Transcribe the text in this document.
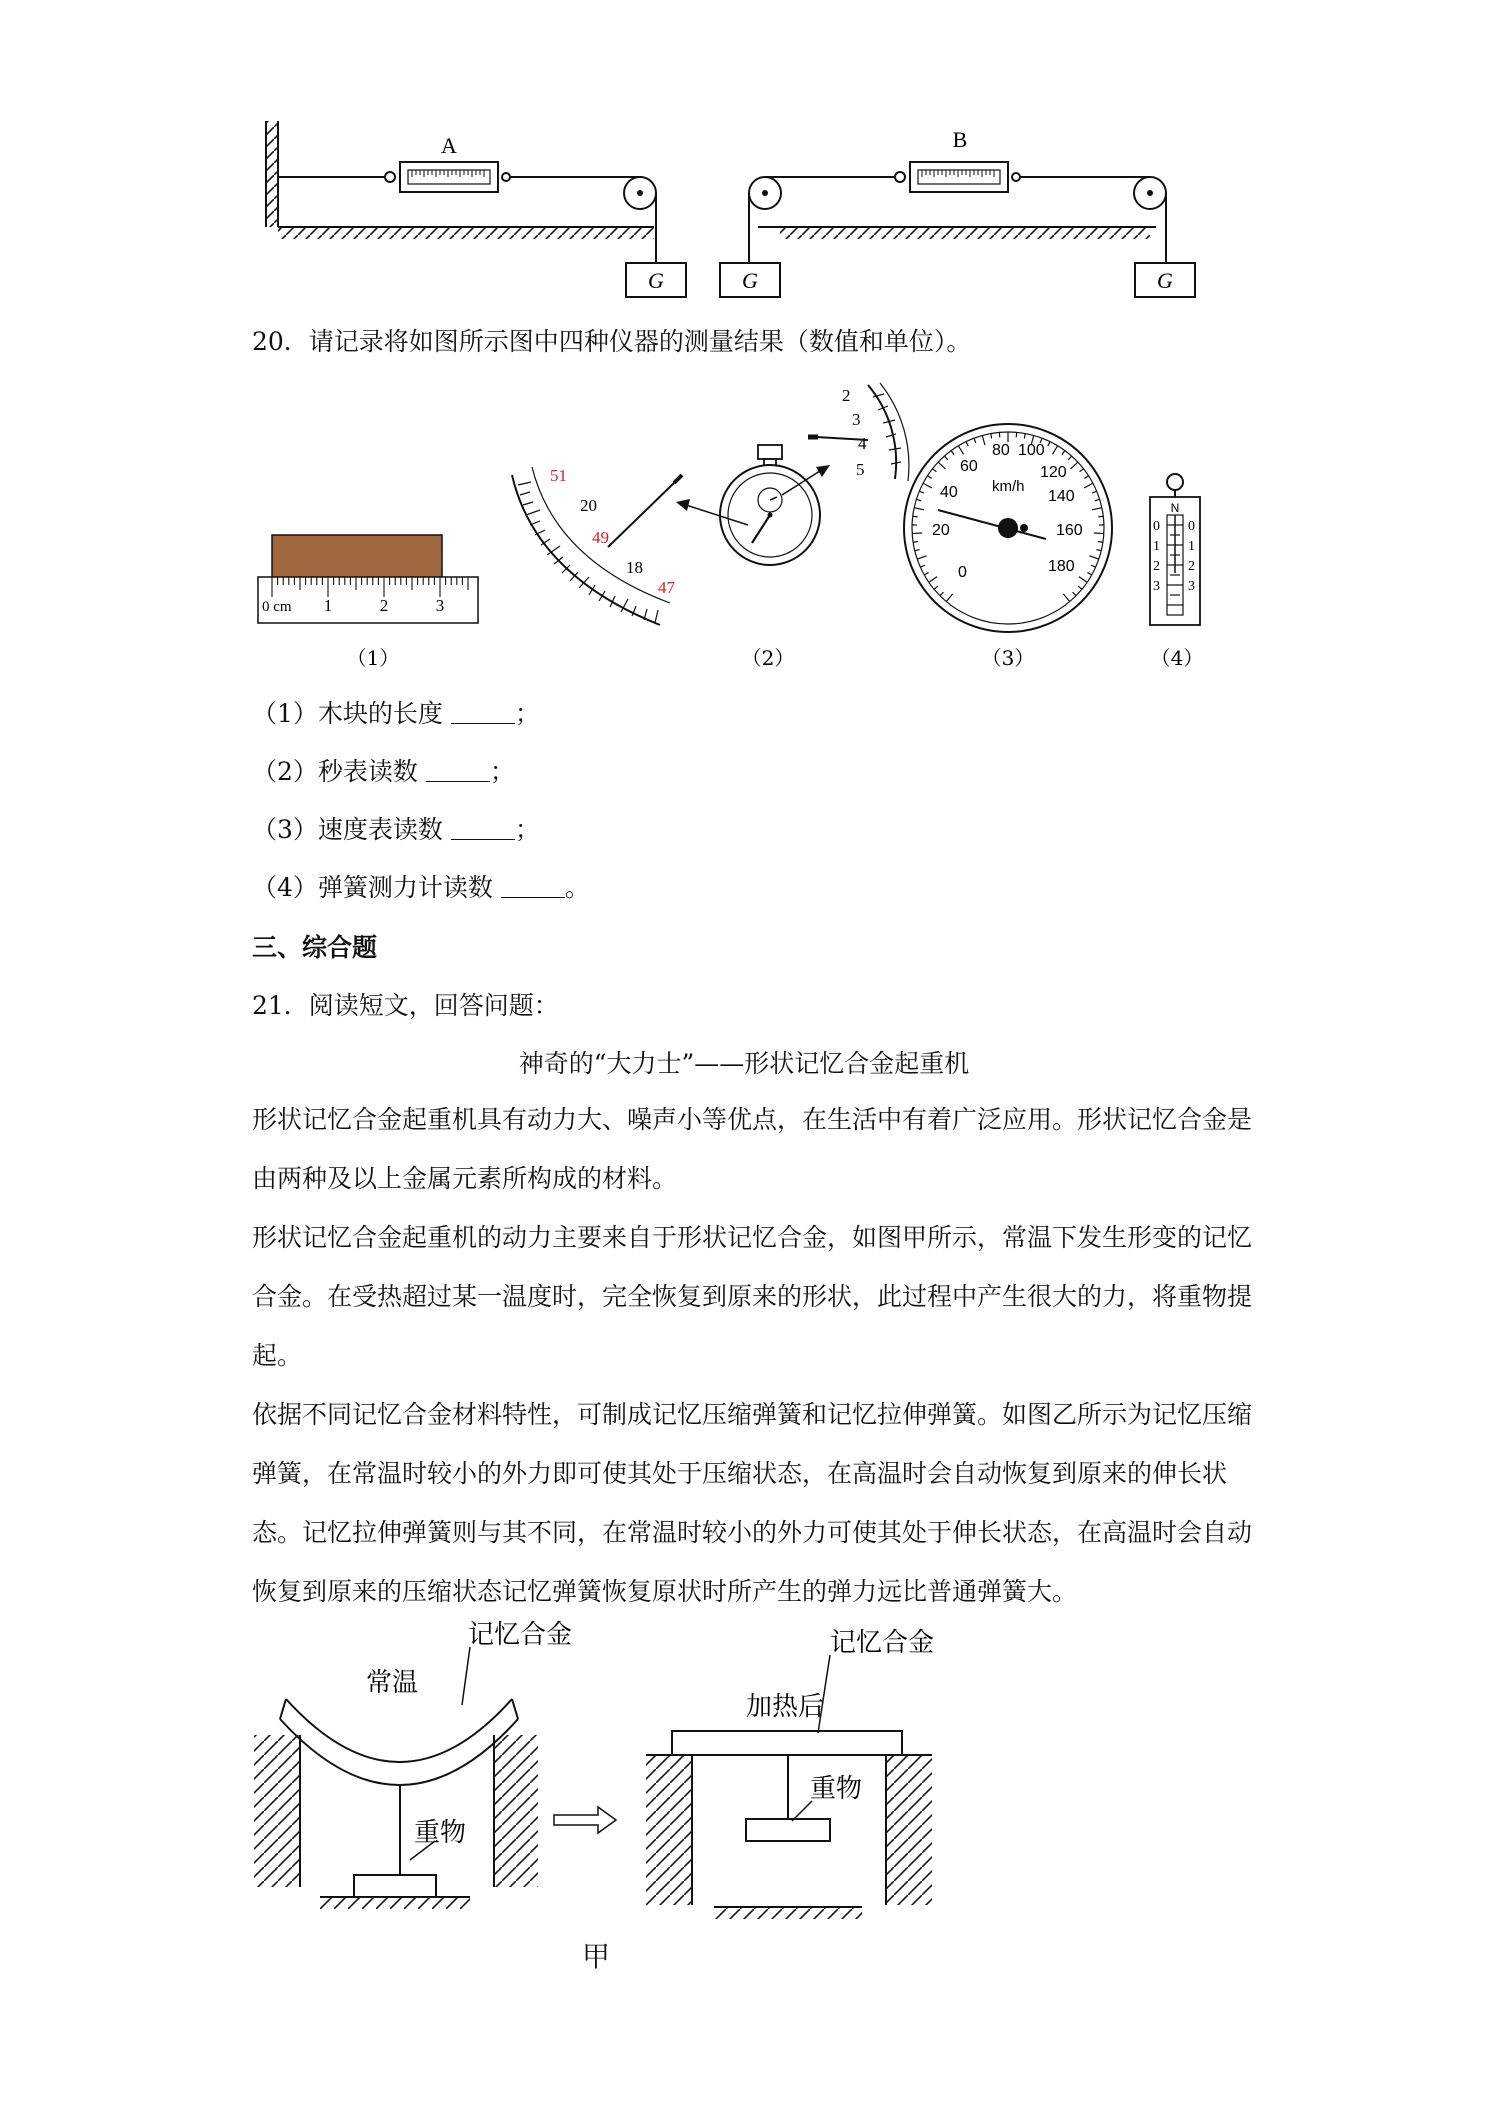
A
G
B
G	G
20．请记录将如图所示图中四种仪器的测量结果（数值和单位）。
0 cm 1	2	3
（1）
51
20
49
18
47
2
3
4
5
（2）
0
20
40
60
80 100
120
140
160
180
km/h
（3）
N
0
1
2
3
0
1
2
3
（4）
（1）木块的长度	；
（2）秒表读数	；
（3）速度表读数	；
（4）弹簧测力计读数	。
三、综合题
21．阅读短文，回答问题：
神奇的“大力士”——形状记忆合金起重机
形状记忆合金起重机具有动力大、噪声小等优点，在生活中有着广泛应用。形状记忆合金是由两种及以上金属元素所构成的材料。
形状记忆合金起重机的动力主要来自于形状记忆合金，如图甲所示，常温下发生形变的记忆合金。在受热超过某一温度时，完全恢复到原来的形状，此过程中产生很大的力，将重物提起。
依据不同记忆合金材料特性，可制成记忆压缩弹簧和记忆拉伸弹簧。如图乙所示为记忆压缩弹簧，在常温时较小的外力即可使其处于压缩状态，在高温时会自动恢复到原来的伸长状态。记忆拉伸弹簧则与其不同，在常温时较小的外力可使其处于伸长状态，在高温时会自动恢复到原来的压缩状态记忆弹簧恢复原状时所产生的弹力远比普通弹簧大。
记忆合金
常温
重物
记忆合金
加热后
重物
甲
